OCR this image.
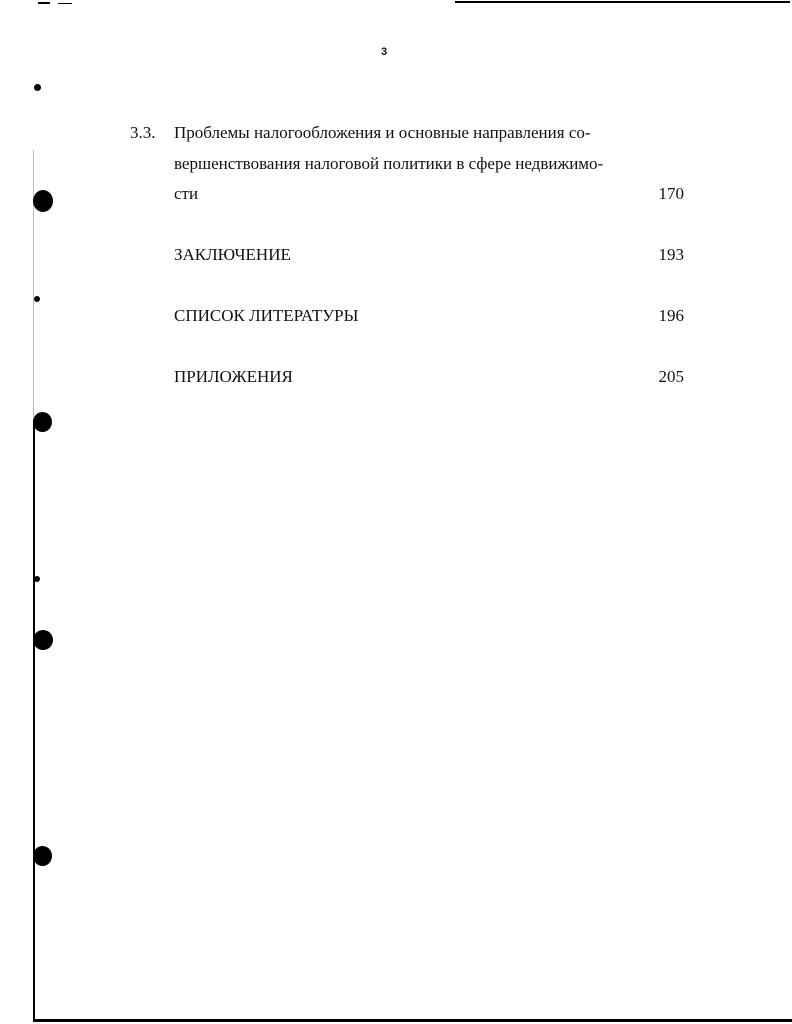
3
3.3. Проблемы налогообложения и основные направления со-
вершенствования налоговой политики в сфере недвижимо-
сти	170
ЗАКЛЮЧЕНИЕ	193
СПИСОК ЛИТЕРАТУРЫ	196
ПРИЛОЖЕНИЯ	205
